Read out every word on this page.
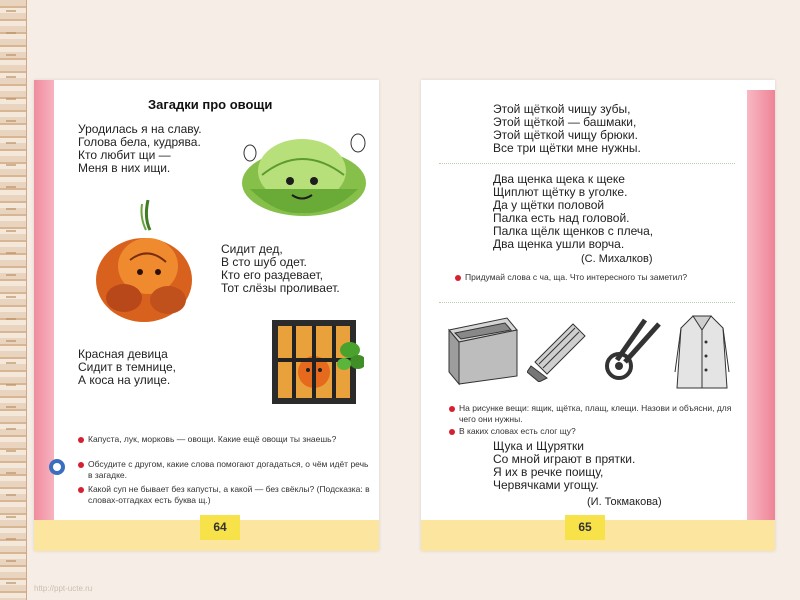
Загадки про овощи

Уродилась я на славу.
Голова бела, кудрява.
Кто любит щи —
Меня в них ищи.

Сидит дед,
В сто шуб одет.
Кто его раздевает,
Тот слёзы проливает.

Красная девица
Сидит в темнице,
А коса на улице.

Капуста, лук, морковь — овощи. Какие ещё овощи ты знаешь?
Обсудите с другом, какие слова помогают догадаться, о чём идёт речь в загадке.
Какой суп не бывает без капусты, а какой — без свёклы? (Подсказка: в словах-отгадках есть буква щ.)
64

Этой щёткой чищу зубы,
Этой щёткой — башмаки,
Этой щёткой чищу брюки.
Все три щётки мне нужны.

Два щенка щека к щеке
Щиплют щётку в уголке.
Да у щётки половой
Палка есть над головой.
Палка щёлк щенков с плеча,
Два щенка ушли ворча.

(С. Михалков)
Придумай слова с ча, ща. Что интересного ты заметил?
На рисунке вещи: ящик, щётка, плащ, клещи. Назови и объясни, для чего они нужны.
В каких словах есть слог щу?

Щука и Щурятки
Со мной играют в прятки.
Я их в речке поищу,
Червячками угощу.

(И. Токмакова)
65
http://ppt-ucte.ru
